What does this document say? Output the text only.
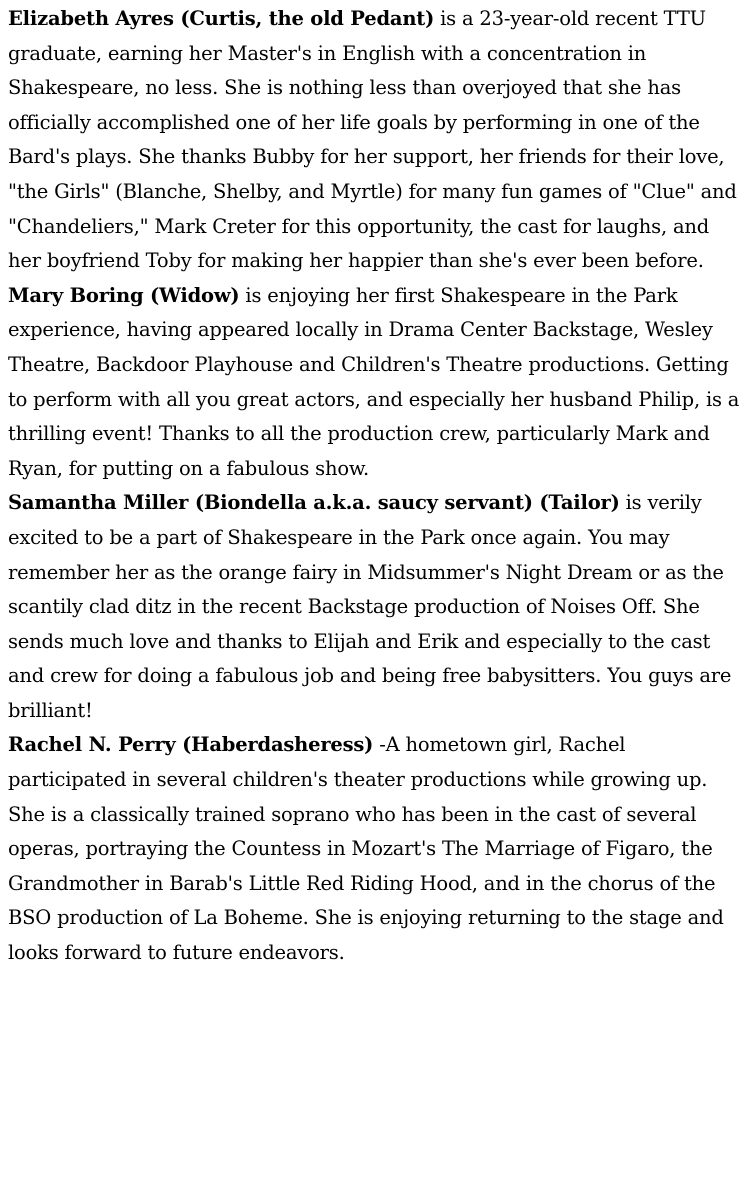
Elizabeth Ayres (Curtis, the old Pedant) is a 23-year-old recent TTU graduate, earning her Master's in English with a concentration in Shakespeare, no less. She is nothing less than overjoyed that she has officially accomplished one of her life goals by performing in one of the Bard's plays. She thanks Bubby for her support, her friends for their love, "the Girls" (Blanche, Shelby, and Myrtle) for many fun games of "Clue" and "Chandeliers," Mark Creter for this opportunity, the cast for laughs, and her boyfriend Toby for making her happier than she's ever been before.

Mary Boring (Widow) is enjoying her first Shakespeare in the Park experience, having appeared locally in Drama Center Backstage, Wesley Theatre, Backdoor Playhouse and Children's Theatre productions. Getting to perform with all you great actors, and especially her husband Philip, is a thrilling event! Thanks to all the production crew, particularly Mark and Ryan, for putting on a fabulous show.

Samantha Miller (Biondella a.k.a. saucy servant) (Tailor) is verily excited to be a part of Shakespeare in the Park once again. You may remember her as the orange fairy in Midsummer's Night Dream or as the scantily clad ditz in the recent Backstage production of Noises Off. She sends much love and thanks to Elijah and Erik and especially to the cast and crew for doing a fabulous job and being free babysitters. You guys are brilliant!

Rachel N. Perry (Haberdasheress) -A hometown girl, Rachel participated in several children's theater productions while growing up. She is a classically trained soprano who has been in the cast of several operas, portraying the Countess in Mozart's The Marriage of Figaro, the Grandmother in Barab's Little Red Riding Hood, and in the chorus of the BSO production of La Boheme. She is enjoying returning to the stage and looks forward to future endeavors.
